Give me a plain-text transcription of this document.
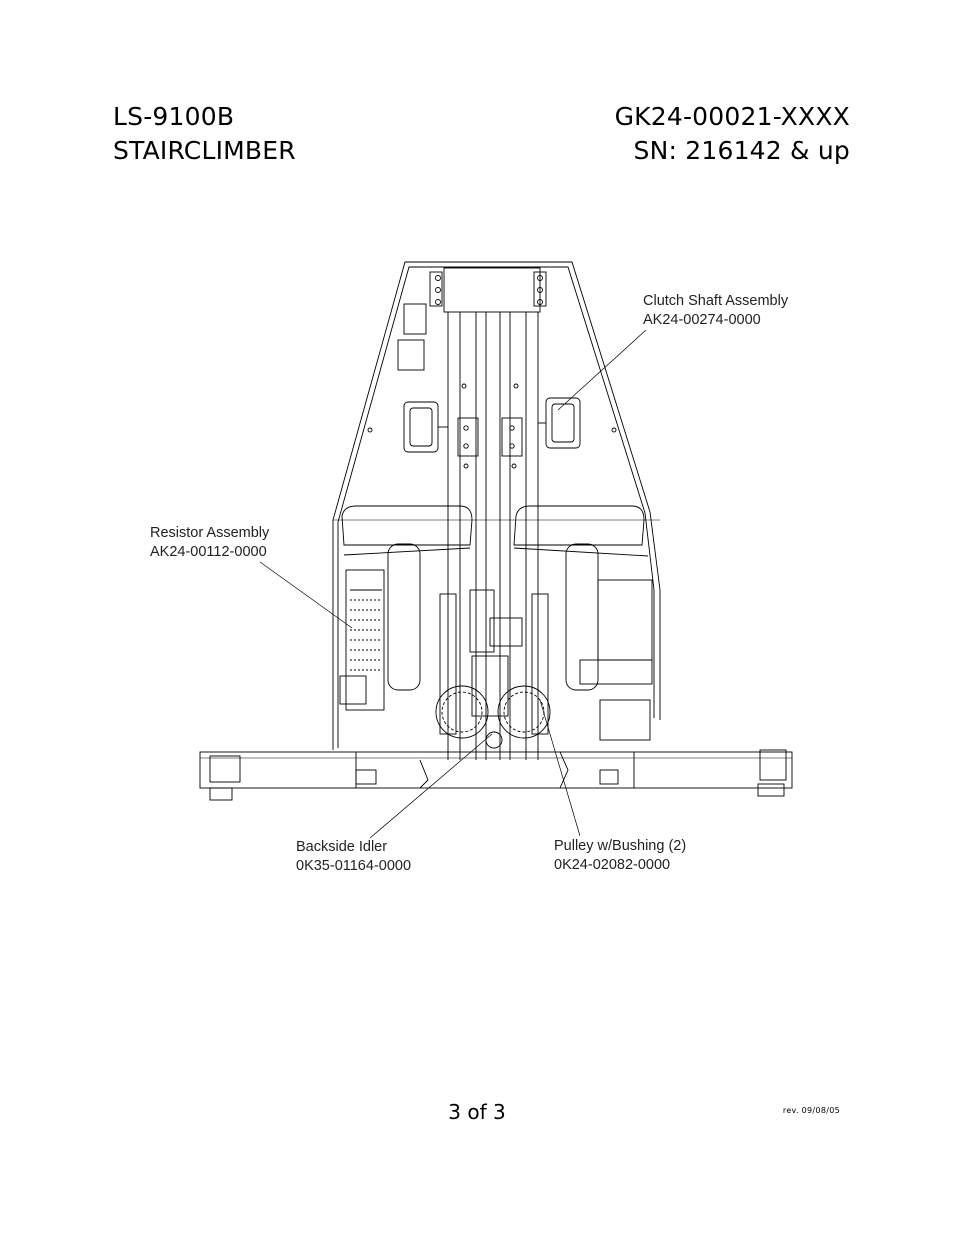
LS-9100B
STAIRCLIMBER
GK24-00021-XXXX
SN: 216142 & up
Clutch Shaft Assembly
AK24-00274-0000
Resistor Assembly
AK24-00112-0000
Backside Idler
0K35-01164-0000
Pulley w/Bushing (2)
0K24-02082-0000
3 of 3	rev. 09/08/05
